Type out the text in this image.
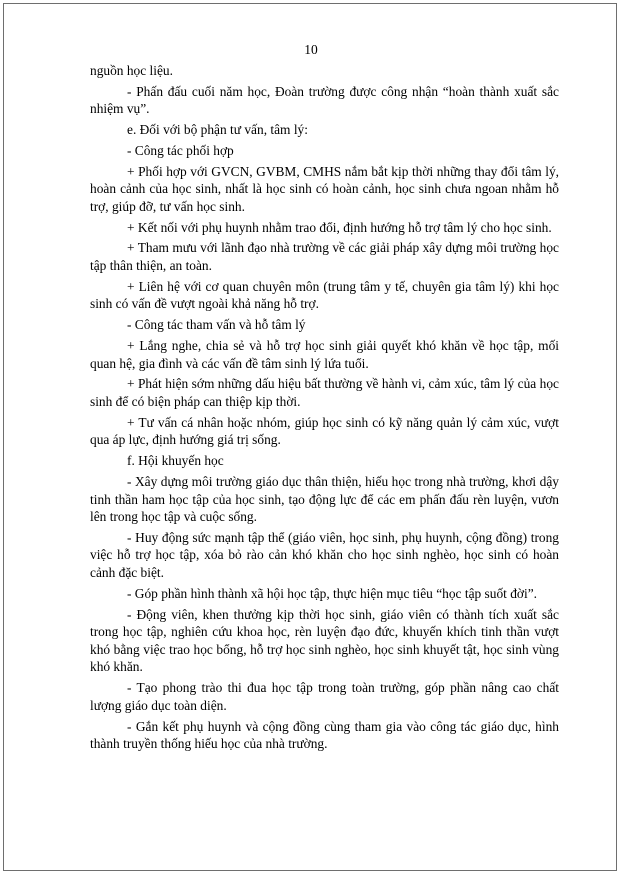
10

nguồn học liệu.

- Phấn đấu cuối năm học, Đoàn trường được công nhận “hoàn thành xuất sắc nhiệm vụ”.

e. Đối với bộ phận tư vấn, tâm lý:

- Công tác phối hợp

+ Phối hợp với GVCN, GVBM, CMHS nắm bắt kịp thời những thay đổi tâm lý, hoàn cảnh của học sinh, nhất là học sinh có hoàn cảnh, học sinh chưa ngoan nhằm hỗ trợ, giúp đỡ, tư vấn học sinh.

+ Kết nối với phụ huynh nhằm trao đổi, định hướng hỗ trợ tâm lý cho học sinh.

+ Tham mưu với lãnh đạo nhà trường về các giải pháp xây dựng môi trường học tập thân thiện, an toàn.

+ Liên hệ với cơ quan chuyên môn (trung tâm y tế, chuyên gia tâm lý) khi học sinh có vấn đề vượt ngoài khả năng hỗ trợ.

- Công tác tham vấn và hỗ tâm lý

+ Lắng nghe, chia sẻ và hỗ trợ học sinh giải quyết khó khăn về học tập, mối quan hệ, gia đình và các vấn đề tâm sinh lý lứa tuổi.

+ Phát hiện sớm những dấu hiệu bất thường về hành vi, cảm xúc, tâm lý của học sinh để có biện pháp can thiệp kịp thời.

+ Tư vấn cá nhân hoặc nhóm, giúp học sinh có kỹ năng quản lý cảm xúc, vượt qua áp lực, định hướng giá trị sống.

f. Hội khuyến học

- Xây dựng môi trường giáo dục thân thiện, hiếu học trong nhà trường, khơi dậy tinh thần ham học tập của học sinh, tạo động lực để các em phấn đấu rèn luyện, vươn lên trong học tập và cuộc sống.

- Huy động sức mạnh tập thể (giáo viên, học sinh, phụ huynh, cộng đồng) trong việc hỗ trợ học tập, xóa bỏ rào cản khó khăn cho học sinh nghèo, học sinh có hoàn cảnh đặc biệt.

- Góp phần hình thành xã hội học tập, thực hiện mục tiêu “học tập suốt đời”.

- Động viên, khen thưởng kịp thời học sinh, giáo viên có thành tích xuất sắc trong học tập, nghiên cứu khoa học, rèn luyện đạo đức, khuyến khích tinh thần vượt khó bằng việc trao học bổng, hỗ trợ học sinh nghèo, học sinh khuyết tật, học sinh vùng khó khăn.

- Tạo phong trào thi đua học tập trong toàn trường, góp phần nâng cao chất lượng giáo dục toàn diện.

- Gắn kết phụ huynh và cộng đồng cùng tham gia vào công tác giáo dục, hình thành truyền thống hiếu học của nhà trường.
